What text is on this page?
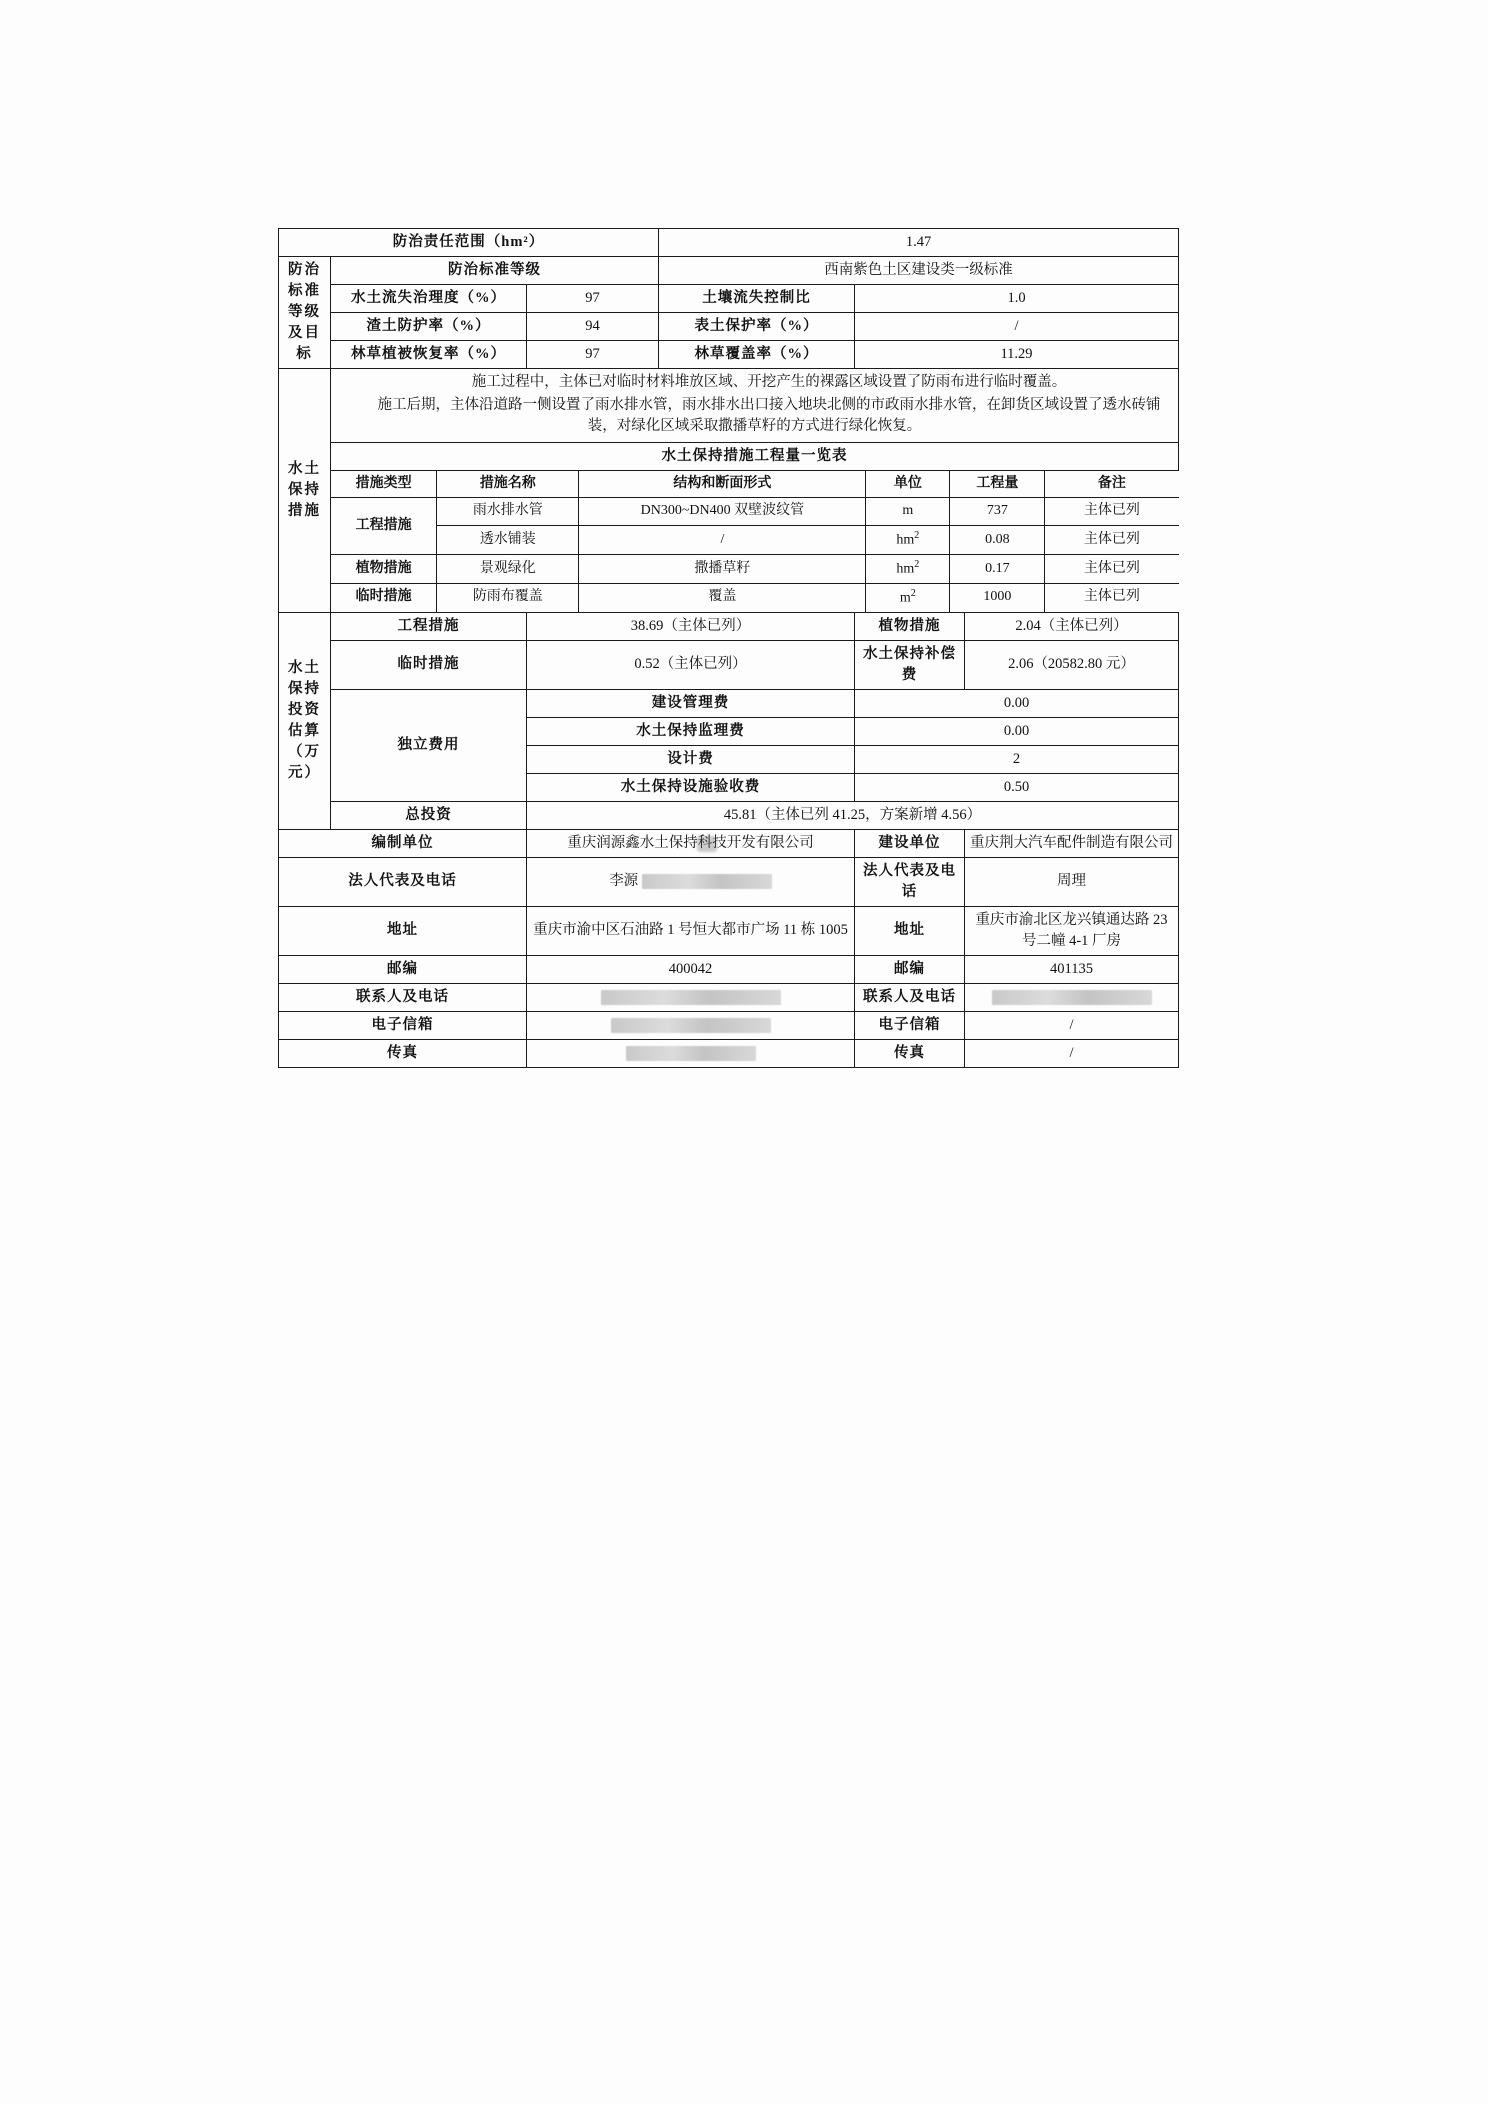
防治责任范围（hm²）	1.47
防治标准等级及目标	防治标准等级	西南紫色土区建设类一级标准
水土流失治理度（%）	97	土壤流失控制比	1.0
渣土防护率（%）	94	表土保护率（%）	/
林草植被恢复率（%）	97	林草覆盖率（%）	11.29
水土保持措施	

施工过程中，主体已对临时材料堆放区域、开挖产生的裸露区域设置了防雨布进行临时覆盖。

施工后期，主体沿道路一侧设置了雨水排水管，雨水排水出口接入地块北侧的市政雨水排水管，在卸货区域设置了透水砖铺装，对绿化区域采取撒播草籽的方式进行绿化恢复。

水土保持措施工程量一览表

措施类型	措施名称	结构和断面形式	单位	工程量	备注
工程措施	雨水排水管	DN300~DN400 双壁波纹管	m	737	主体已列
透水铺装	/	$hm^2$	0.08	主体已列
植物措施	景观绿化	撒播草籽	$hm^2$	0.17	主体已列
临时措施	防雨布覆盖	覆盖	$m^2$	1000	主体已列

水土保持投资估算（万元）	工程措施	38.69（主体已列）	植物措施	2.04（主体已列）
临时措施	0.52（主体已列）	水土保持补偿费	2.06（20582.80 元）
独立费用	建设管理费	0.00
水土保持监理费	0.00
设计费	2
水土保持设施验收费	0.50
总投资	45.81（主体已列 41.25，方案新增 4.56）
编制单位	重庆润源鑫水土保持科技开发有限公司	建设单位	重庆荆大汽车配件制造有限公司
法人代表及电话	李源	法人代表及电话	周理
地址	重庆市渝中区石油路 1 号恒大都市广场 11 栋 1005	地址	重庆市渝北区龙兴镇通达路 23 号二幢 4-1 厂房
邮编	400042	邮编	401135
联系人及电话		联系人及电话	
电子信箱		电子信箱	/
传真		传真	/
